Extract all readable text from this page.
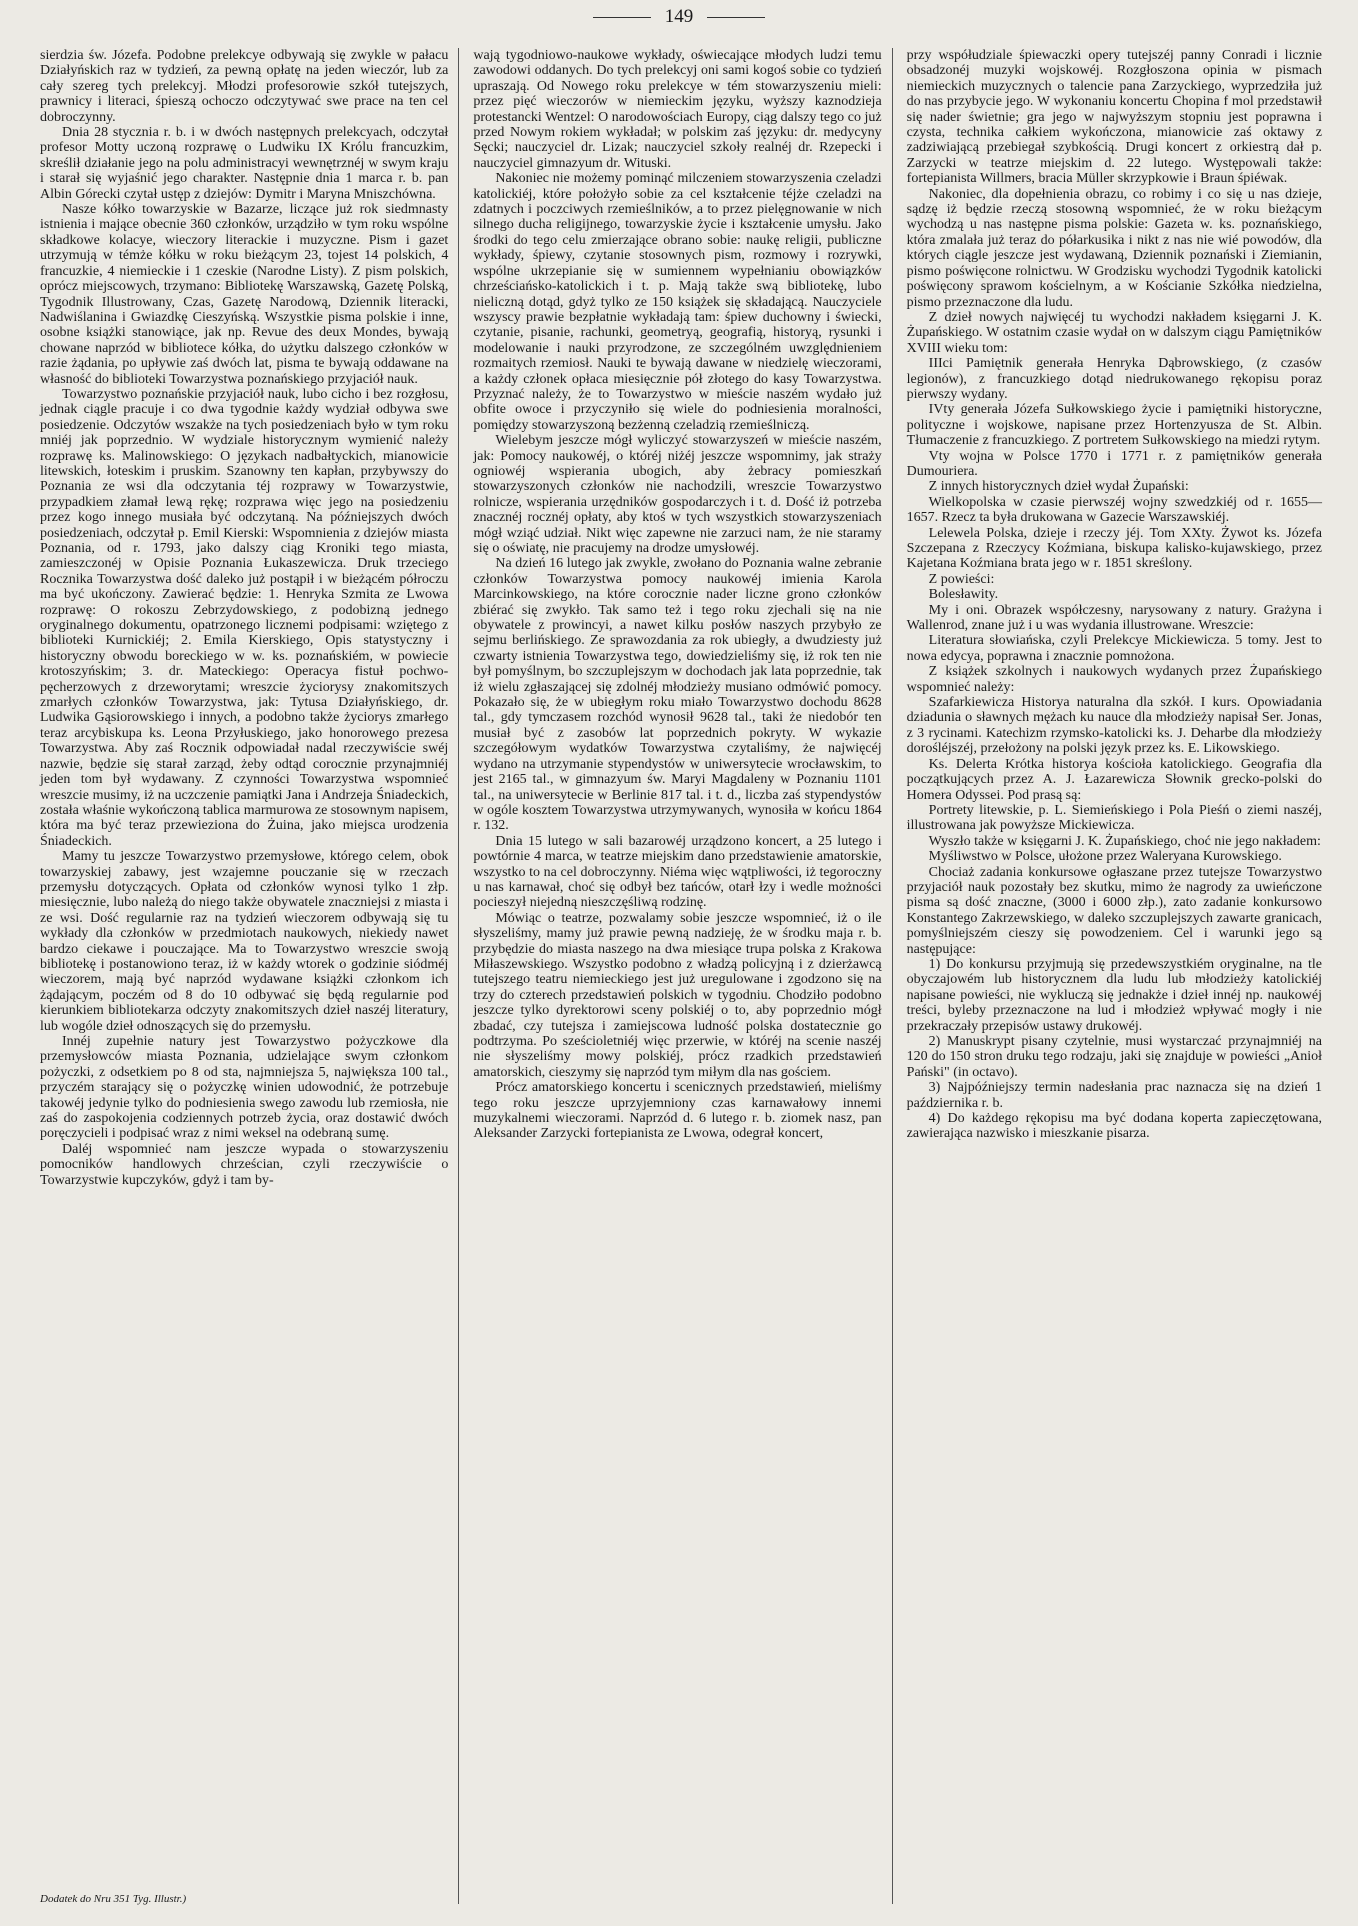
149

sierdzia św. Józefa. Podobne prelekcye odbywają się zwykle w pałacu Działyńskich raz w tydzień, za pewną opłatę na jeden wieczór, lub za cały szereg tych prelekcyj. Młodzi profesorowie szkół tutejszych, prawnicy i literaci, śpieszą ochoczo odczytywać swe prace na ten cel dobroczynny.

Dnia 28 stycznia r. b. i w dwóch następnych prelekcyach, odczytał profesor Motty uczoną rozprawę o Ludwiku IX Królu francuzkim, skreślił działanie jego na polu administracyi wewnętrznéj w swym kraju i starał się wyjaśnić jego charakter. Następnie dnia 1 marca r. b. pan Albin Górecki czytał ustęp z dziejów: Dymitr i Maryna Mniszchówna.

Nasze kółko towarzyskie w Bazarze, liczące już rok siedmnasty istnienia i mające obecnie 360 członków, urządziło w tym roku wspólne składkowe kolacye, wieczory literackie i muzyczne. Pism i gazet utrzymują w témże kółku w roku bieżącym 23, tojest 14 polskich, 4 francuzkie, 4 niemieckie i 1 czeskie (Narodne Listy). Z pism polskich, oprócz miejscowych, trzymano: Bibliotekę Warszawską, Gazetę Polską, Tygodnik Illustrowany, Czas, Gazetę Narodową, Dziennik literacki, Nadwiślanina i Gwiazdkę Cieszyńską. Wszystkie pisma polskie i inne, osobne książki stanowiące, jak np. Revue des deux Mondes, bywają chowane naprzód w bibliotece kółka, do użytku dalszego członków w razie żądania, po upływie zaś dwóch lat, pisma te bywają oddawane na własność do biblioteki Towarzystwa poznańskiego przyjaciół nauk.

Towarzystwo poznańskie przyjaciół nauk, lubo cicho i bez rozgłosu, jednak ciągle pracuje i co dwa tygodnie każdy wydział odbywa swe posiedzenie. Odczytów wszakże na tych posiedzeniach było w tym roku mniéj jak poprzednio. W wydziale historycznym wymienić należy rozprawę ks. Malinowskiego: O językach nadbałtyckich, mianowicie litewskich, łoteskim i pruskim. Szanowny ten kapłan, przybywszy do Poznania ze wsi dla odczytania téj rozprawy w Towarzystwie, przypadkiem złamał lewą rękę; rozprawa więc jego na posiedzeniu przez kogo innego musiała być odczytaną. Na późniejszych dwóch posiedzeniach, odczytał p. Emil Kierski: Wspomnienia z dziejów miasta Poznania, od r. 1793, jako dalszy ciąg Kroniki tego miasta, zamieszczonéj w Opisie Poznania Łukaszewicza. Druk trzeciego Rocznika Towarzystwa dość daleko już postąpił i w bieżącém półroczu ma być ukończony. Zawierać będzie: 1. Henryka Szmita ze Lwowa rozprawę: O rokoszu Zebrzydowskiego, z podobizną jednego oryginalnego dokumentu, opatrzonego licznemi podpisami: wziętego z biblioteki Kurnickiéj; 2. Emila Kierskiego, Opis statystyczny i historyczny obwodu boreckiego w w. ks. poznańskiém, w powiecie krotoszyńskim; 3. dr. Mateckiego: Operacya fistuł pochwo-pęcherzowych z drzeworytami; wreszcie życiorysy znakomitszych zmarłych członków Towarzystwa, jak: Tytusa Działyńskiego, dr. Ludwika Gąsiorowskiego i innych, a podobno także życiorys zmarłego teraz arcybiskupa ks. Leona Przyłuskiego, jako honorowego prezesa Towarzystwa. Aby zaś Rocznik odpowiadał nadal rzeczywiście swéj nazwie, będzie się starał zarząd, żeby odtąd corocznie przynajmniéj jeden tom był wydawany. Z czynności Towarzystwa wspomnieć wreszcie musimy, iż na uczczenie pamiątki Jana i Andrzeja Śniadeckich, została właśnie wykończoną tablica marmurowa ze stosownym napisem, która ma być teraz przewieziona do Żuina, jako miejsca urodzenia Śniadeckich.

Mamy tu jeszcze Towarzystwo przemysłowe, którego celem, obok towarzyskiej zabawy, jest wzajemne pouczanie się w rzeczach przemysłu dotyczących. Opłata od członków wynosi tylko 1 złp. miesięcznie, lubo należą do niego także obywatele znaczniejsi z miasta i ze wsi. Dość regularnie raz na tydzień wieczorem odbywają się tu wykłady dla członków w przedmiotach naukowych, niekiedy nawet bardzo ciekawe i pouczające. Ma to Towarzystwo wreszcie swoją bibliotekę i postanowiono teraz, iż w każdy wtorek o godzinie siódméj wieczorem, mają być naprzód wydawane książki członkom ich żądającym, poczém od 8 do 10 odbywać się będą regularnie pod kierunkiem bibliotekarza odczyty znakomitszych dzieł naszéj literatury, lub wogóle dzieł odnoszących się do przemysłu.

Innéj zupełnie natury jest Towarzystwo pożyczkowe dla przemysłowców miasta Poznania, udzielające swym członkom pożyczki, z odsetkiem po 8 od sta, najmniejsza 5, największa 100 tal., przyczém starający się o pożyczkę winien udowodnić, że potrzebuje takowéj jedynie tylko do podniesienia swego zawodu lub rzemiosła, nie zaś do zaspokojenia codziennych potrzeb życia, oraz dostawić dwóch poręczycieli i podpisać wraz z nimi weksel na odebraną sumę.

Daléj wspomnieć nam jeszcze wypada o stowarzyszeniu pomocników handlowych chrześcian, czyli rzeczywiście o Towarzystwie kupczyków, gdyż i tam by-

wają tygodniowo-naukowe wykłady, oświecające młodych ludzi temu zawodowi oddanych. Do tych prelekcyj oni sami kogoś sobie co tydzień upraszają. Od Nowego roku prelekcye w tém stowarzyszeniu mieli: przez pięć wieczorów w niemieckim języku, wyższy kaznodzieja protestancki Wentzel: O narodowościach Europy, ciąg dalszy tego co już przed Nowym rokiem wykładał; w polskim zaś języku: dr. medycyny Sęcki; nauczyciel dr. Lizak; nauczyciel szkoły realnéj dr. Rzepecki i nauczyciel gimnazyum dr. Wituski.

Nakoniec nie możemy pominąć milczeniem stowarzyszenia czeladzi katolickiéj, które położyło sobie za cel kształcenie téjże czeladzi na zdatnych i poczciwych rzemieślników, a to przez pielęgnowanie w nich silnego ducha religijnego, towarzyskie życie i kształcenie umysłu. Jako środki do tego celu zmierzające obrano sobie: naukę religii, publiczne wykłady, śpiewy, czytanie stosownych pism, rozmowy i rozrywki, wspólne ukrzepianie się w sumiennem wypełnianiu obowiązków chrześciańsko-katolickich i t. p. Mają także swą bibliotekę, lubo nieliczną dotąd, gdyż tylko ze 150 książek się składającą. Nauczyciele wszyscy prawie bezpłatnie wykładają tam: śpiew duchowny i świecki, czytanie, pisanie, rachunki, geometryą, geografią, historyą, rysunki i modelowanie i nauki przyrodzone, ze szczególném uwzględnieniem rozmaitych rzemiosł. Nauki te bywają dawane w niedzielę wieczorami, a każdy członek opłaca miesięcznie pół złotego do kasy Towarzystwa. Przyznać należy, że to Towarzystwo w mieście naszém wydało już obfite owoce i przyczyniło się wiele do podniesienia moralności, pomiędzy stowarzyszoną bezżenną czeladzią rzemieślniczą.

Wielebym jeszcze mógł wyliczyć stowarzyszeń w mieście naszém, jak: Pomocy naukowéj, o któréj niżéj jeszcze wspomnimy, jak straży ogniowéj wspierania ubogich, aby żebracy pomieszkań stowarzyszonych członków nie nachodzili, wreszcie Towarzystwo rolnicze, wspierania urzędników gospodarczych i t. d. Dość iż potrzeba znacznéj rocznéj opłaty, aby ktoś w tych wszystkich stowarzyszeniach mógł wziąć udział. Nikt więc zapewne nie zarzuci nam, że nie staramy się o oświatę, nie pracujemy na drodze umysłowéj.

Na dzień 16 lutego jak zwykle, zwołano do Poznania walne zebranie członków Towarzystwa pomocy naukowéj imienia Karola Marcinkowskiego, na które corocznie nader liczne grono członków zbiérać się zwykło. Tak samo też i tego roku zjechali się na nie obywatele z prowincyi, a nawet kilku posłów naszych przybyło ze sejmu berlińskiego. Ze sprawozdania za rok ubiegły, a dwudziesty już czwarty istnienia Towarzystwa tego, dowiedzieliśmy się, iż rok ten nie był pomyślnym, bo szczuplejszym w dochodach jak lata poprzednie, tak iż wielu zgłaszającej się zdolnéj młodzieży musiano odmówić pomocy. Pokazało się, że w ubiegłym roku miało Towarzystwo dochodu 8628 tal., gdy tymczasem rozchód wynosił 9628 tal., taki że niedobór ten musiał być z zasobów lat poprzednich pokryty. W wykazie szczegółowym wydatków Towarzystwa czytaliśmy, że najwięcéj wydano na utrzymanie stypendystów w uniwersytecie wrocławskim, to jest 2165 tal., w gimnazyum św. Maryi Magdaleny w Poznaniu 1101 tal., na uniwersytecie w Berlinie 817 tal. i t. d., liczba zaś stypendystów w ogóle kosztem Towarzystwa utrzymywanych, wynosiła w końcu 1864 r. 132.

Dnia 15 lutego w sali bazarowéj urządzono koncert, a 25 lutego i powtórnie 4 marca, w teatrze miejskim dano przedstawienie amatorskie, wszystko to na cel dobroczynny. Niéma więc wątpliwości, iż tegoroczny u nas karnawał, choć się odbył bez tańców, otarł łzy i wedle możności pocieszył niejedną nieszczęśliwą rodzinę.

Mówiąc o teatrze, pozwalamy sobie jeszcze wspomnieć, iż o ile słyszeliśmy, mamy już prawie pewną nadzieję, że w środku maja r. b. przybędzie do miasta naszego na dwa miesiące trupa polska z Krakowa Miłaszewskiego. Wszystko podobno z władzą policyjną i z dzierżawcą tutejszego teatru niemieckiego jest już uregulowane i zgodzono się na trzy do czterech przedstawień polskich w tygodniu. Chodziło podobno jeszcze tylko dyrektorowi sceny polskiéj o to, aby poprzednio mógł zbadać, czy tutejsza i zamiejscowa ludność polska dostatecznie go podtrzyma. Po sześcioletniéj więc przerwie, w któréj na scenie naszéj nie słyszeliśmy mowy polskiéj, prócz rzadkich przedstawień amatorskich, cieszymy się naprzód tym miłym dla nas gościem.

Prócz amatorskiego koncertu i scenicznych przedstawień, mieliśmy tego roku jeszcze uprzyjemniony czas karnawałowy innemi muzykalnemi wieczorami. Naprzód d. 6 lutego r. b. ziomek nasz, pan Aleksander Zarzycki fortepianista ze Lwowa, odegrał koncert,

przy współudziale śpiewaczki opery tutejszéj panny Conradi i licznie obsadzonéj muzyki wojskowéj. Rozgłoszona opinia w pismach niemieckich muzycznych o talencie pana Zarzyckiego, wyprzedziła już do nas przybycie jego. W wykonaniu koncertu Chopina f mol przedstawił się nader świetnie; gra jego w najwyższym stopniu jest poprawna i czysta, technika całkiem wykończona, mianowicie zaś oktawy z zadziwiającą przebiegał szybkością. Drugi koncert z orkiestrą dał p. Zarzycki w teatrze miejskim d. 22 lutego. Występowali także: fortepianista Willmers, bracia Müller skrzypkowie i Braun śpiéwak.

Nakoniec, dla dopełnienia obrazu, co robimy i co się u nas dzieje, sądzę iż będzie rzeczą stosowną wspomnieć, że w roku bieżącym wychodzą u nas następne pisma polskie: Gazeta w. ks. poznańskiego, która zmalała już teraz do półarkusika i nikt z nas nie wié powodów, dla których ciągle jeszcze jest wydawaną, Dziennik poznański i Ziemianin, pismo poświęcone rolnictwu. W Grodzisku wychodzi Tygodnik katolicki poświęcony sprawom kościelnym, a w Kościanie Szkółka niedzielna, pismo przeznaczone dla ludu.

Z dzieł nowych najwięcéj tu wychodzi nakładem księgarni J. K. Żupańskiego. W ostatnim czasie wydał on w dalszym ciągu Pamiętników XVIII wieku tom:

IIIci Pamiętnik generała Henryka Dąbrowskiego, (z czasów legionów), z francuzkiego dotąd niedrukowanego rękopisu poraz pierwszy wydany.

IVty generała Józefa Sułkowskiego życie i pamiętniki historyczne, polityczne i wojskowe, napisane przez Hortenzyusza de St. Albin. Tłumaczenie z francuzkiego. Z portretem Sułkowskiego na miedzi rytym.

Vty wojna w Polsce 1770 i 1771 r. z pamiętników generała Dumouriera.

Z innych historycznych dzieł wydał Żupański:

Wielkopolska w czasie pierwszéj wojny szwedzkiéj od r. 1655—1657. Rzecz ta była drukowana w Gazecie Warszawskiéj.

Lelewela Polska, dzieje i rzeczy jéj. Tom XXty. Żywot ks. Józefa Szczepana z Rzeczycy Koźmiana, biskupa kalisko-kujawskiego, przez Kajetana Koźmiana brata jego w r. 1851 skreślony.

Z powieści:

Bolesławity.

My i oni. Obrazek współczesny, narysowany z natury. Grażyna i Wallenrod, znane już i u was wydania illustrowane. Wreszcie:

Literatura słowiańska, czyli Prelekcye Mickiewicza. 5 tomy. Jest to nowa edycya, poprawna i znacznie pomnożona.

Z książek szkolnych i naukowych wydanych przez Żupańskiego wspomnieć należy:

Szafarkiewicza Historya naturalna dla szkół. I kurs. Opowiadania dziadunia o sławnych mężach ku nauce dla młodzieży napisał Ser. Jonas, z 3 rycinami. Katechizm rzymsko-katolicki ks. J. Deharbe dla młodzieży dorośléjszéj, przełożony na polski język przez ks. E. Likowskiego.

Ks. Delerta Krótka historya kościoła katolickiego. Geografia dla początkujących przez A. J. Łazarewicza Słownik grecko-polski do Homera Odyssei. Pod prasą są:

Portrety litewskie, p. L. Siemieńskiego i Pola Pieśń o ziemi naszéj, illustrowana jak powyższe Mickiewicza.

Wyszło także w księgarni J. K. Żupańskiego, choć nie jego nakładem:

Myśliwstwo w Polsce, ułożone przez Waleryana Kurowskiego.

Chociaż zadania konkursowe ogłaszane przez tutejsze Towarzystwo przyjaciół nauk pozostały bez skutku, mimo że nagrody za uwieńczone pisma są dość znaczne, (3000 i 6000 złp.), zato zadanie konkursowo Konstantego Zakrzewskiego, w daleko szczuplejszych zawarte granicach, pomyślniejszém cieszy się powodzeniem. Cel i warunki jego są następujące:

1) Do konkursu przyjmują się przedewszystkiém oryginalne, na tle obyczajowém lub historycznem dla ludu lub młodzieży katolickiéj napisane powieści, nie wykluczą się jednakże i dzieł innéj np. naukowéj treści, byleby przeznaczone na lud i młodzież wpływać mogły i nie przekraczały przepisów ustawy drukowéj.

2) Manuskrypt pisany czytelnie, musi wystarczać przynajmniéj na 120 do 150 stron druku tego rodzaju, jaki się znajduje w powieści „Anioł Pański" (in octavo).

3) Najpóźniejszy termin nadesłania prac naznacza się na dzień 1 października r. b.

4) Do każdego rękopisu ma być dodana koperta zapieczętowana, zawierająca nazwisko i mieszkanie pisarza.

Dodatek do Nru 351 Tyg. Illustr.)
